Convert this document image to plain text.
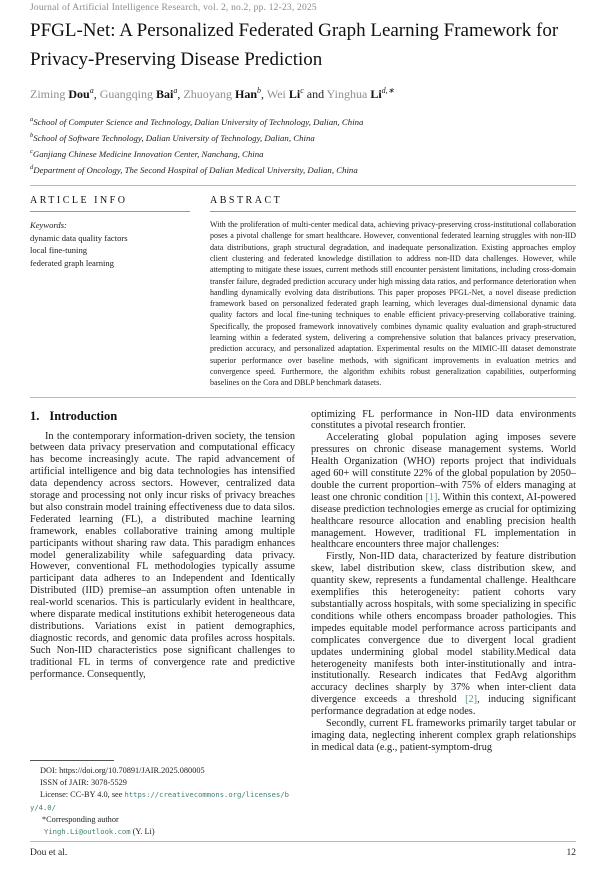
Journal of Artificial Intelligence Research, vol. 2, no.2, pp. 12-23, 2025
PFGL-Net: A Personalized Federated Graph Learning Framework for Privacy-Preserving Disease Prediction
Ziming Dou$^a$, Guangqing Bai$^a$, Zhuoyang Han$^b$, Wei Li$^c$ and Yinghua $Li^{d,∗}$
$^a$School of Computer Science and Technology, Dalian University of Technology, Dalian, China
$^b$School of Software Technology, Dalian University of Technology, Dalian, China
$^c$Ganjiang Chinese Medicine Innovation Center, Nanchang, China
$^d$Department of Oncology, The Second Hospital of Dalian Medical University, Dalian, China
ARTICLE INFO
Keywords:
dynamic data quality factors
local fine-tuning
federated graph learning
ABSTRACT
With the proliferation of multi-center medical data, achieving privacy-preserving cross-institutional collaboration poses a pivotal challenge for smart healthcare. However, conventional federated learning struggles with non-IID data distributions, graph structural degradation, and inadequate personalization. Existing approaches employ client clustering and federated knowledge distillation to address non-IID data challenges. However, while attempting to mitigate these issues, current methods still encounter persistent limitations, including cross-domain transfer failure, degraded prediction accuracy under high missing data ratios, and performance deterioration when handling dynamically evolving data distributions. This paper proposes PFGL-Net, a novel disease prediction framework based on personalized federated graph learning, which leverages dual-dimensional dynamic data quality factors and local fine-tuning techniques to enable efficient privacy-preserving collaborative training. Specifically, the proposed framework innovatively combines dynamic quality evaluation and graph-structured learning within a federated system, delivering a comprehensive solution that balances privacy preservation, prediction accuracy, and personalized adaptation. Experimental results on the MIMIC-III dataset demonstrate superior performance over baseline methods, with significant improvements in evaluation metrics and convergence speed. Furthermore, the algorithm exhibits robust generalization capabilities, outperforming baselines on the Cora and DBLP benchmark datasets.
1. Introduction
In the contemporary information-driven society, the tension between data privacy preservation and computational efficacy has become increasingly acute. The rapid advancement of artificial intelligence and big data technologies has intensified data dependency across sectors. However, centralized data storage and processing not only incur risks of privacy breaches but also constrain model training effectiveness due to data silos. Federated learning (FL), a distributed machine learning framework, enables collaborative training among multiple participants without sharing raw data. This paradigm enhances model generalizability while safeguarding data privacy. However, conventional FL methodologies typically assume participant data adheres to an Independent and Identically Distributed (IID) premise–an assumption often untenable in real-world scenarios. This is particularly evident in healthcare, where disparate medical institutions exhibit heterogeneous data distributions. Variations exist in patient demographics, diagnostic records, and genomic data profiles across hospitals. Such Non-IID characteristics pose significant challenges to traditional FL in terms of convergence rate and predictive performance. Consequently,
DOI: https://doi.org/10.70891/JAIR.2025.080005
ISSN of JAIR: 3078-5529
License: CC-BY 4.0, see https://creativecommons.org/licenses/by/4.0/
*Corresponding author
Yingh.Li@outlook.com (Y. Li)
optimizing FL performance in Non-IID data environments constitutes a pivotal research frontier.
Accelerating global population aging imposes severe pressures on chronic disease management systems. World Health Organization (WHO) reports project that individuals aged 60+ will constitute 22% of the global population by 2050–double the current proportion–with 75% of elders managing at least one chronic condition [1]. Within this context, AI-powered disease prediction technologies emerge as crucial for optimizing healthcare resource allocation and enabling precision health management. However, traditional FL implementation in healthcare encounters three major challenges:
Firstly, Non-IID data, characterized by feature distribution skew, label distribution skew, class distribution skew, and quantity skew, represents a fundamental challenge. Healthcare exemplifies this heterogeneity: patient cohorts vary substantially across hospitals, with some specializing in specific conditions while others encompass broader pathologies. This impedes equitable model performance across participants and complicates convergence due to divergent local gradient updates undermining global model stability.Medical data heterogeneity manifests both inter-institutionally and intra-institutionally. Research indicates that FedAvg algorithm accuracy declines sharply by 37% when inter-client data divergence exceeds a threshold [2], inducing significant performance degradation at edge nodes.
Secondly, current FL frameworks primarily target tabular or imaging data, neglecting inherent complex graph relationships in medical data (e.g., patient-symptom-drug
Dou et al.	12
